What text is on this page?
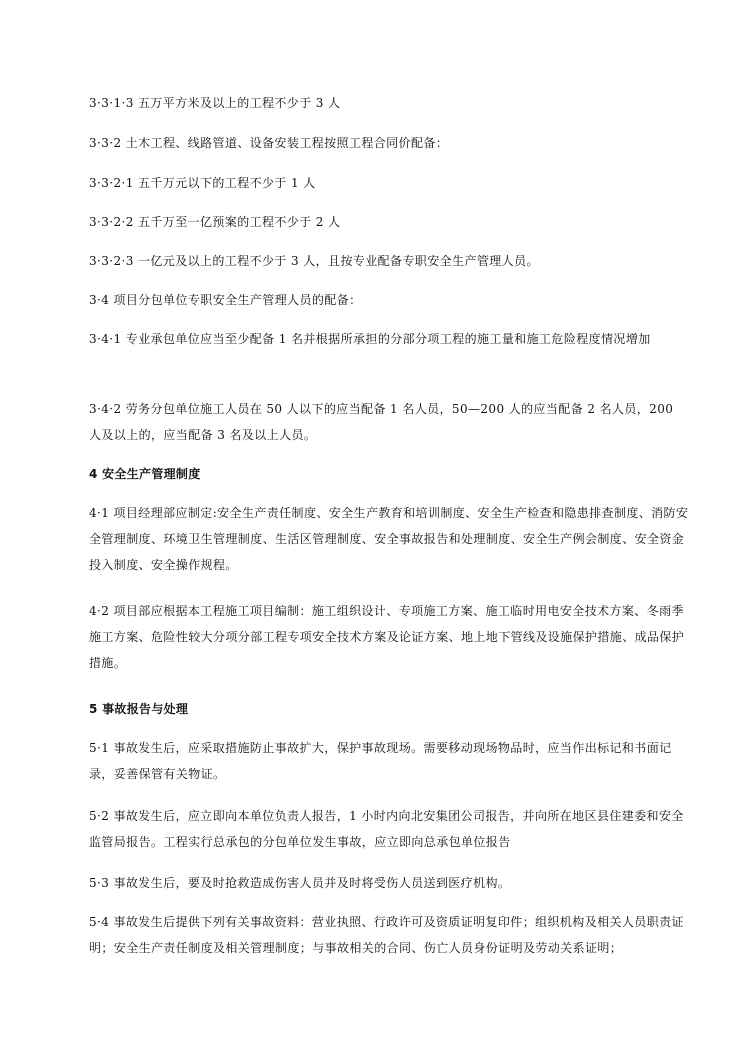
3·3·1·3 五万平方米及以上的工程不少于 3 人

3·3·2 土木工程、线路管道、设备安装工程按照工程合同价配备：

3·3·2·1 五千万元以下的工程不少于 1 人

3·3·2·2 五千万至一亿预案的工程不少于 2 人

3·3·2·3 一亿元及以上的工程不少于 3 人，且按专业配备专职安全生产管理人员。

3·4 项目分包单位专职安全生产管理人员的配备：

3·4·1 专业承包单位应当至少配备 1 名并根据所承担的分部分项工程的施工量和施工危险程度情况增加

3·4·2 劳务分包单位施工人员在 50 人以下的应当配备 1 名人员，50—200 人的应当配备 2 名人员，200 人及以上的，应当配备 3 名及以上人员。

4 安全生产管理制度

4·1 项目经理部应制定:安全生产责任制度、安全生产教育和培训制度、安全生产检查和隐患排查制度、消防安全管理制度、环境卫生管理制度、生活区管理制度、安全事故报告和处理制度、安全生产例会制度、安全资金投入制度、安全操作规程。

4·2 项目部应根据本工程施工项目编制：施工组织设计、专项施工方案、施工临时用电安全技术方案、冬雨季施工方案、危险性较大分项分部工程专项安全技术方案及论证方案、地上地下管线及设施保护措施、成品保护措施。

5 事故报告与处理

5·1 事故发生后，应采取措施防止事故扩大，保护事故现场。需要移动现场物品时，应当作出标记和书面记录，妥善保管有关物证。

5·2 事故发生后，应立即向本单位负责人报告，1 小时内向北安集团公司报告，并向所在地区县住建委和安全监管局报告。工程实行总承包的分包单位发生事故，应立即向总承包单位报告

5·3 事故发生后，要及时抢救造成伤害人员并及时将受伤人员送到医疗机构。

5·4 事故发生后提供下列有关事故资料：营业执照、行政许可及资质证明复印件；组织机构及相关人员职责证明；安全生产责任制度及相关管理制度；与事故相关的合同、伤亡人员身份证明及劳动关系证明；
